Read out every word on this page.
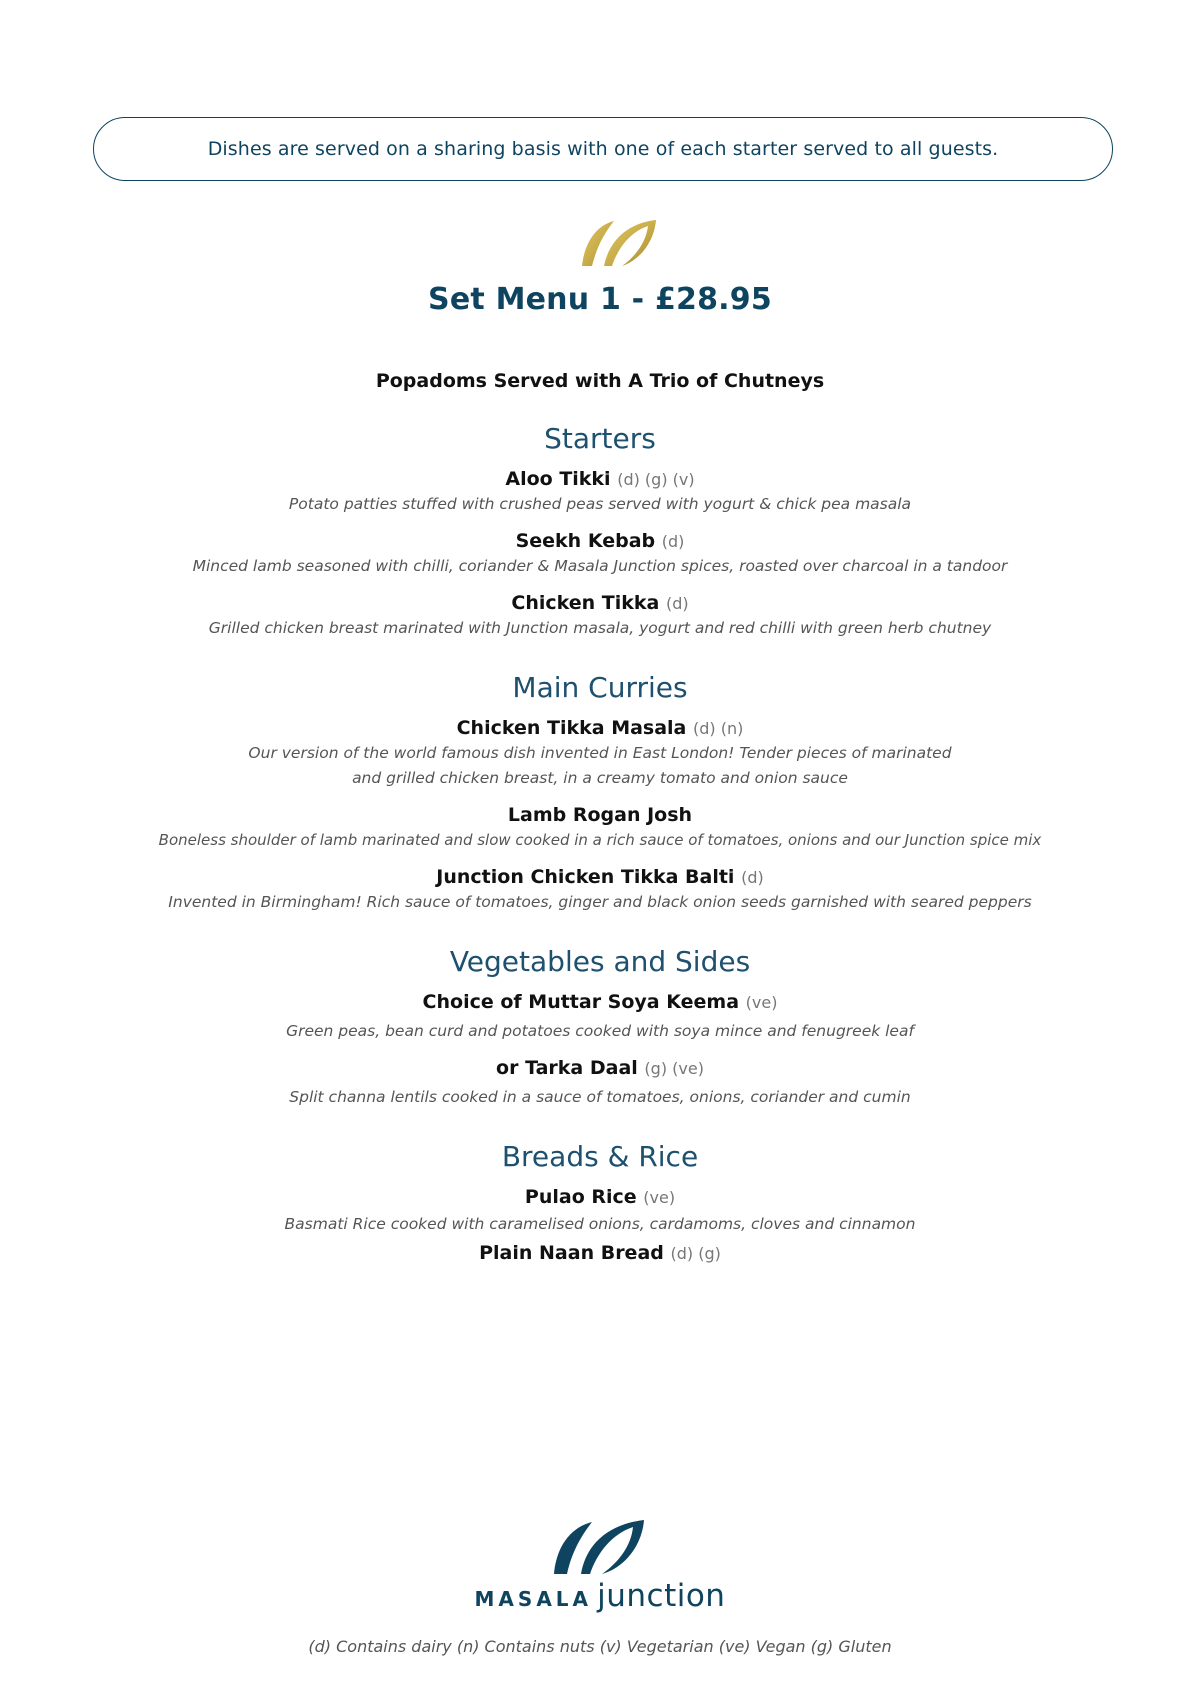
Dishes are served on a sharing basis with one of each starter served to all guests.
Set Menu 1 - £28.95
Popadoms Served with A Trio of Chutneys
Starters
Aloo Tikki (d) (g) (v)
Potato patties stuffed with crushed peas served with yogurt & chick pea masala
Seekh Kebab (d)
Minced lamb seasoned with chilli, coriander & Masala Junction spices, roasted over charcoal in a tandoor
Chicken Tikka (d)
Grilled chicken breast marinated with Junction masala, yogurt and red chilli with green herb chutney
Main Curries
Chicken Tikka Masala (d) (n)
Our version of the world famous dish invented in East London! Tender pieces of marinated
and grilled chicken breast, in a creamy tomato and onion sauce
Lamb Rogan Josh
Boneless shoulder of lamb marinated and slow cooked in a rich sauce of tomatoes, onions and our Junction spice mix
Junction Chicken Tikka Balti (d)
Invented in Birmingham! Rich sauce of tomatoes, ginger and black onion seeds garnished with seared peppers
Vegetables and Sides
Choice of Muttar Soya Keema (ve)
Green peas, bean curd and potatoes cooked with soya mince and fenugreek leaf
or Tarka Daal (g) (ve)
Split channa lentils cooked in a sauce of tomatoes, onions, coriander and cumin
Breads & Rice
Pulao Rice (ve)
Basmati Rice cooked with caramelised onions, cardamoms, cloves and cinnamon
Plain Naan Bread (d) (g)
MASALA junction
(d) Contains dairy (n) Contains nuts (v) Vegetarian (ve) Vegan (g) Gluten
